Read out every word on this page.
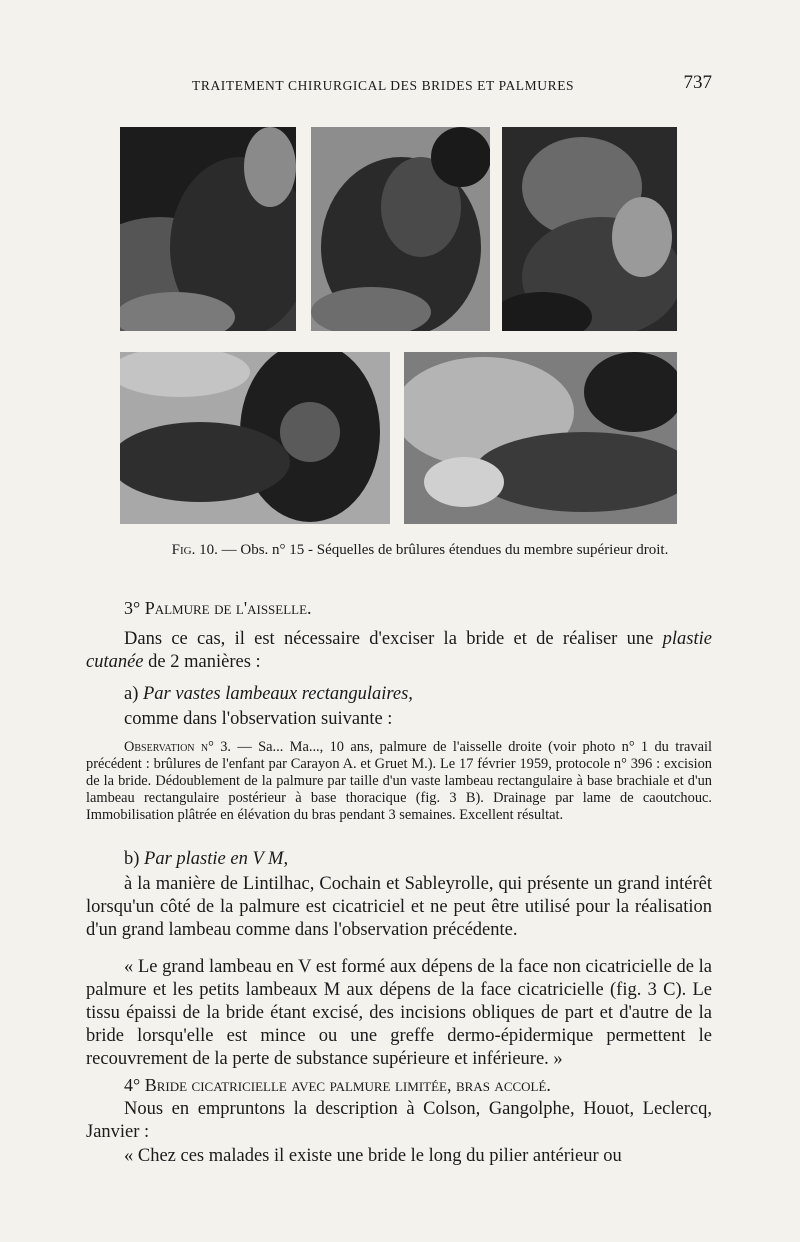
TRAITEMENT CHIRURGICAL DES BRIDES ET PALMURES	737
Fig. 10. — Obs. n° 15 - Séquelles de brûlures étendues du membre supérieur droit.
3° Palmure de l'aisselle.

Dans ce cas, il est nécessaire d'exciser la bride et de réaliser une plastie cutanée de 2 manières :

a) Par vastes lambeaux rectangulaires,
comme dans l'observation suivante :

Observation n° 3. — Sa... Ma..., 10 ans, palmure de l'aisselle droite (voir photo n° 1 du travail précédent : brûlures de l'enfant par Carayon A. et Gruet M.). Le 17 février 1959, protocole n° 396 : excision de la bride. Dédoublement de la palmure par taille d'un vaste lambeau rectangulaire à base brachiale et d'un lambeau rectangulaire postérieur à base thoracique (fig. 3 B). Drainage par lame de caoutchouc. Immobilisation plâtrée en élévation du bras pendant 3 semaines. Excellent résultat.

b) Par plastie en V M,

à la manière de Lintilhac, Cochain et Sableyrolle, qui présente un grand intérêt lorsqu'un côté de la palmure est cicatriciel et ne peut être utilisé pour la réalisation d'un grand lambeau comme dans l'observation précédente.

« Le grand lambeau en V est formé aux dépens de la face non cicatricielle de la palmure et les petits lambeaux M aux dépens de la face cicatricielle (fig. 3 C). Le tissu épaissi de la bride étant excisé, des incisions obliques de part et d'autre de la bride lorsqu'elle est mince ou une greffe dermo-épidermique permettent le recouvrement de la perte de substance supérieure et inférieure. »

4° Bride cicatricielle avec palmure limitée, bras accolé.

Nous en empruntons la description à Colson, Gangolphe, Houot, Leclercq, Janvier :

« Chez ces malades il existe une bride le long du pilier antérieur ou
